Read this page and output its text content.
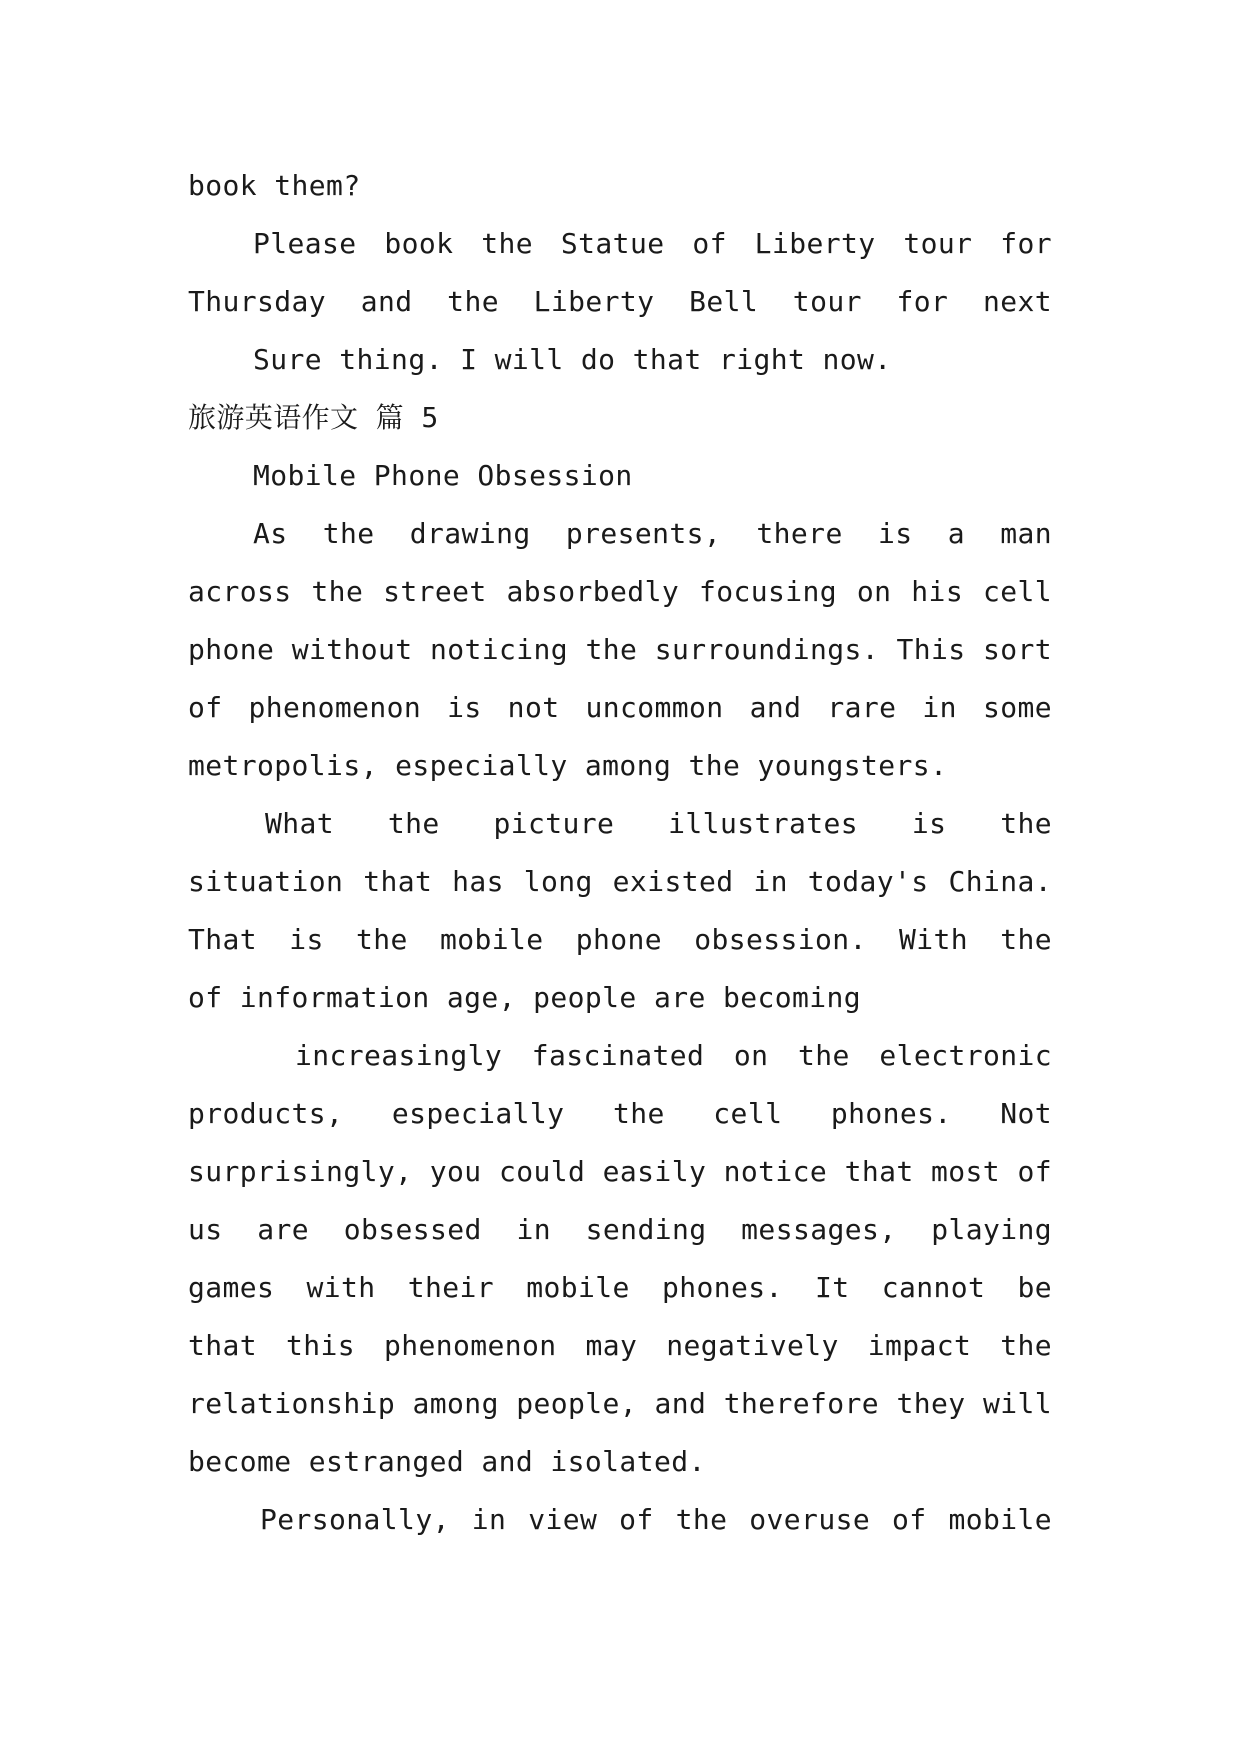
book them?
Please book the Statue of Liberty tour for
Thursday and the Liberty Bell tour for next
Sure thing. I will do that right now.
旅游英语作文 篇 5
Mobile Phone Obsession
As the drawing presents, there is a man
across the street absorbedly focusing on his cell
phone without noticing the surroundings. This sort
of phenomenon is not uncommon and rare in some
metropolis, especially among the youngsters.
What the picture illustrates is the
situation that has long existed in today's China.
That is the mobile phone obsession. With the
of information age, people are becoming
increasingly fascinated on the electronic
products, especially the cell phones. Not
surprisingly, you could easily notice that most of
us are obsessed in sending messages, playing
games with their mobile phones. It cannot be
that this phenomenon may negatively impact the
relationship among people, and therefore they will
become estranged and isolated.
Personally, in view of the overuse of mobile
